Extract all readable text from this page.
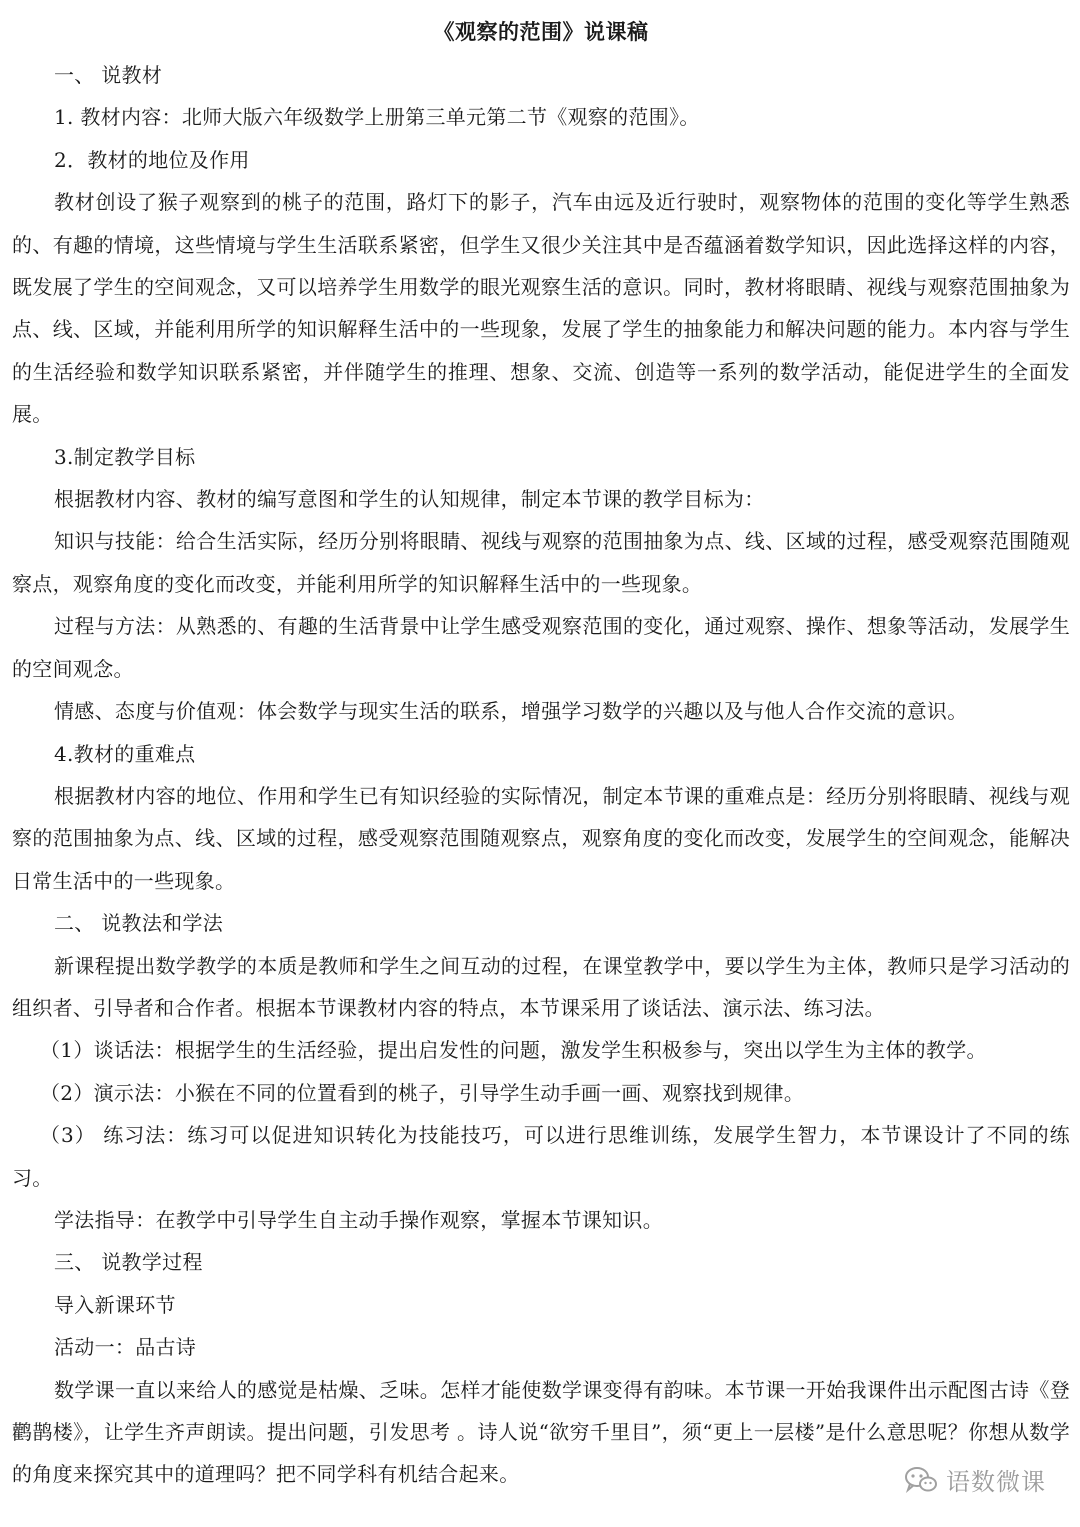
《观察的范围》说课稿

一、 说教材

1. 教材内容：北师大版六年级数学上册第三单元第二节《观察的范围》。

2．教材的地位及作用

教材创设了猴子观察到的桃子的范围，路灯下的影子，汽车由远及近行驶时，观察物体的范围的变化等学生熟悉的、有趣的情境，这些情境与学生生活联系紧密，但学生又很少关注其中是否蕴涵着数学知识，因此选择这样的内容，既发展了学生的空间观念，又可以培养学生用数学的眼光观察生活的意识。同时，教材将眼睛、视线与观察范围抽象为点、线、区域，并能利用所学的知识解释生活中的一些现象，发展了学生的抽象能力和解决问题的能力。本内容与学生的生活经验和数学知识联系紧密，并伴随学生的推理、想象、交流、创造等一系列的数学活动，能促进学生的全面发展。

3.制定教学目标

根据教材内容、教材的编写意图和学生的认知规律，制定本节课的教学目标为：

知识与技能：给合生活实际，经历分别将眼睛、视线与观察的范围抽象为点、线、区域的过程，感受观察范围随观察点，观察角度的变化而改变，并能利用所学的知识解释生活中的一些现象。

过程与方法：从熟悉的、有趣的生活背景中让学生感受观察范围的变化，通过观察、操作、想象等活动，发展学生的空间观念。

情感、态度与价值观：体会数学与现实生活的联系，增强学习数学的兴趣以及与他人合作交流的意识。

4.教材的重难点

根据教材内容的地位、作用和学生已有知识经验的实际情况，制定本节课的重难点是：经历分别将眼睛、视线与观察的范围抽象为点、线、区域的过程，感受观察范围随观察点，观察角度的变化而改变，发展学生的空间观念，能解决日常生活中的一些现象。

二、 说教法和学法

新课程提出数学教学的本质是教师和学生之间互动的过程，在课堂教学中，要以学生为主体，教师只是学习活动的组织者、引导者和合作者。根据本节课教材内容的特点，本节课采用了谈话法、演示法、练习法。

（1）谈话法：根据学生的生活经验，提出启发性的问题，激发学生积极参与，突出以学生为主体的教学。

（2）演示法：小猴在不同的位置看到的桃子，引导学生动手画一画、观察找到规律。

（3） 练习法：练习可以促进知识转化为技能技巧，可以进行思维训练，发展学生智力，本节课设计了不同的练习。

学法指导：在教学中引导学生自主动手操作观察，掌握本节课知识。

三、 说教学过程

导入新课环节

活动一：品古诗

数学课一直以来给人的感觉是枯燥、乏味。怎样才能使数学课变得有韵味。本节课一开始我课件出示配图古诗《登鹳鹊楼》，让学生齐声朗读。提出问题，引发思考 。诗人说“欲穷千里目”，须“更上一层楼”是什么意思呢？你想从数学的角度来探究其中的道理吗？把不同学科有机结合起来。	语数微课
